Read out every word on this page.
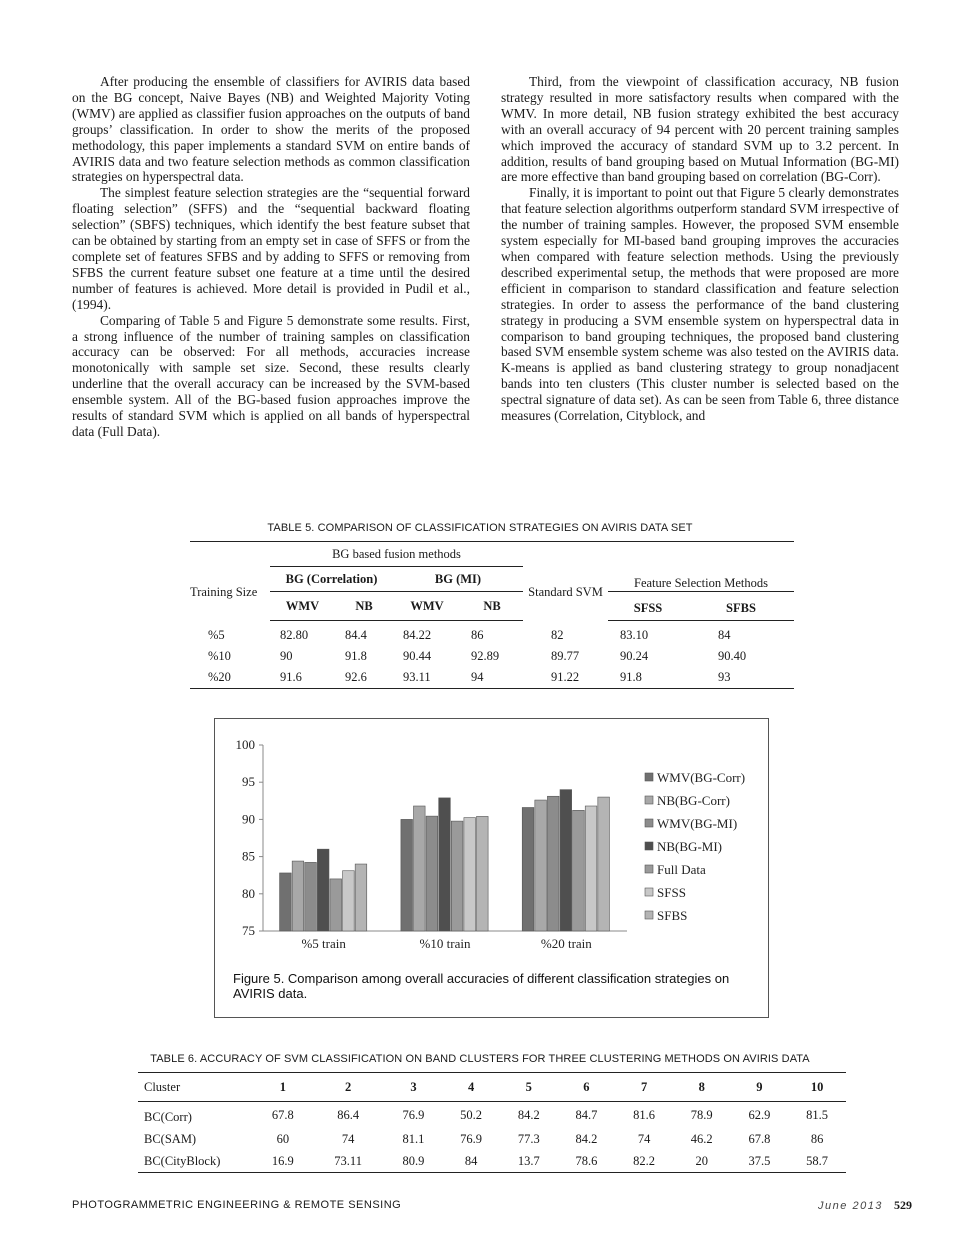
After producing the ensemble of classifiers for AVIRIS data based on the BG concept, Naive Bayes (NB) and Weighted Majority Voting (WMV) are applied as classifier fusion approaches on the outputs of band groups’ classification. In order to show the merits of the proposed methodology, this paper implements a standard SVM on entire bands of AVIRIS data and two feature selection methods as common classification strategies on hyperspectral data.

The simplest feature selection strategies are the “sequential forward floating selection” (SFFS) and the “sequential backward floating selection” (SBFS) techniques, which identify the best feature subset that can be obtained by starting from an empty set in case of SFFS or from the complete set of features SFBS and by adding to SFFS or removing from SFBS the current feature subset one feature at a time until the desired number of features is achieved. More detail is provided in Pudil et al., (1994).

Comparing of Table 5 and Figure 5 demonstrate some results. First, a strong influence of the number of training samples on classification accuracy can be observed: For all methods, accuracies increase monotonically with sample set size. Second, these results clearly underline that the overall accuracy can be increased by the SVM-based ensemble system. All of the BG-based fusion approaches improve the results of standard SVM which is applied on all bands of hyperspectral data (Full Data).

Third, from the viewpoint of classification accuracy, NB fusion strategy resulted in more satisfactory results when compared with the WMV. In more detail, NB fusion strategy exhibited the best accuracy with an overall accuracy of 94 percent with 20 percent training samples which improved the accuracy of standard SVM up to 3.2 percent. In addition, results of band grouping based on Mutual Information (BG-MI) are more effective than band grouping based on correlation (BG-Corr).

Finally, it is important to point out that Figure 5 clearly demonstrates that feature selection algorithms outperform standard SVM irrespective of the number of training samples. However, the proposed SVM ensemble system especially for MI-based band grouping improves the accuracies when compared with feature selection methods. Using the previously described experimental setup, the methods that were proposed are more efficient in comparison to standard classification and feature selection strategies. In order to assess the performance of the band clustering strategy in producing a SVM ensemble system on hyperspectral data in comparison to band grouping techniques, the proposed band clustering based SVM ensemble system scheme was also tested on the AVIRIS data. K-means is applied as band clustering strategy to group nonadjacent bands into ten clusters (This cluster number is selected based on the spectral signature of data set). As can be seen from Table 6, three distance measures (Correlation, Cityblock, and

TABLE 5. COMPARISON OF CLASSIFICATION STRATEGIES ON AVIRIS DATA SET
Training Size	BG based fusion methods				Standard SVM	Feature Selection Methods	
	BG (Correlation)		BG (MI)				
	WMV	NB	WMV	NB		SFSS	SFBS
%5	82.80	84.4	84.22	86	82	83.10	84
%10	90	91.8	90.44	92.89	89.77	90.24	90.40
%20	91.6	92.6	93.11	94	91.22	91.8	93
75
80
85
90
95
100
%5 train	%10 train	%20 train
WMV(BG-Corr)
NB(BG-Corr)
WMV(BG-MI)
NB(BG-MI)
Full Data
SFSS
SFBS
Figure 5. Comparison among overall accuracies of different classification strategies on AVIRIS data.
TABLE 6. ACCURACY OF SVM CLASSIFICATION ON BAND CLUSTERS FOR THREE CLUSTERING METHODS ON AVIRIS DATA
Cluster	1	2	3	4	5	6	7	8	9	10
BC(Corr)	67.8	86.4	76.9	50.2	84.2	84.7	81.6	78.9	62.9	81.5
BC(SAM)	60	74	81.1	76.9	77.3	84.2	74	46.2	67.8	86
BC(CityBlock)	16.9	73.11	80.9	84	13.7	78.6	82.2	20	37.5	58.7
PHOTOGRAMMETRIC ENGINEERING & REMOTE SENSING	June 2013 529
